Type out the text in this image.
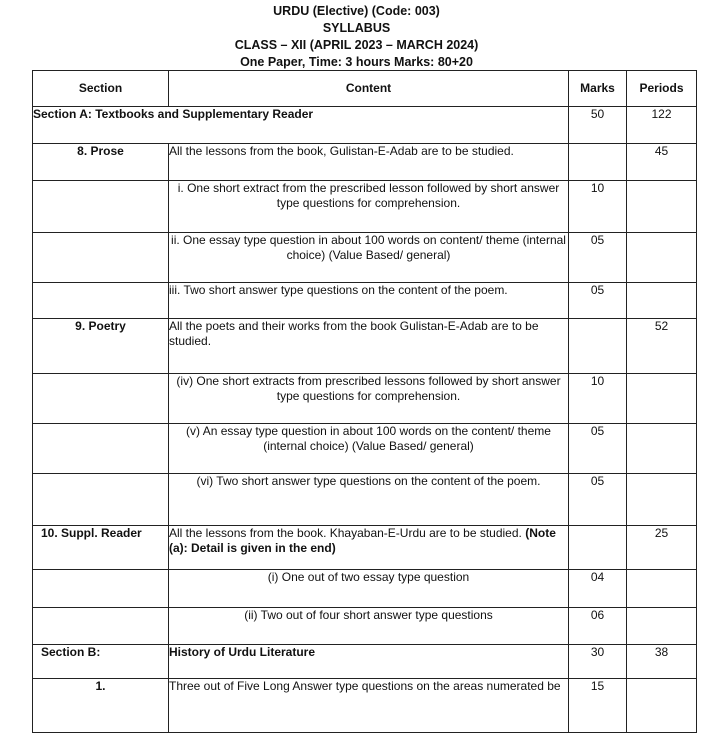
URDU (Elective) (Code: 003)
SYLLABUS
CLASS – XII (APRIL 2023 – MARCH 2024)
One Paper, Time: 3 hours Marks: 80+20
Section	Content	Marks	Periods
Section A: Textbooks and Supplementary Reader		50	122
8. Prose	All the lessons from the book, Gulistan-E-Adab are to be studied.		45
	i. One short extract from the prescribed lesson followed by short answer type questions for comprehension.	10	
	ii. One essay type question in about 100 words on content/ theme (internal choice) (Value Based/ general)	05	
	iii. Two short answer type questions on the content of the poem.	05	
9. Poetry	All the poets and their works from the book Gulistan-E-Adab are to be studied.		52
	(iv) One short extracts from prescribed lessons followed by short answer type questions for comprehension.	10	
	(v) An essay type question in about 100 words on the content/ theme (internal choice) (Value Based/ general)	05	
	(vi) Two short answer type questions on the content of the poem.	05	
10. Suppl. Reader	All the lessons from the book. Khayaban-E-Urdu are to be studied. (Note (a): Detail is given in the end)		25
	(i) One out of two essay type question	04	
	(ii) Two out of four short answer type questions	06	
Section B:	History of Urdu Literature	30	38
1.	Three out of Five Long Answer type questions on the areas numerated be	15	
